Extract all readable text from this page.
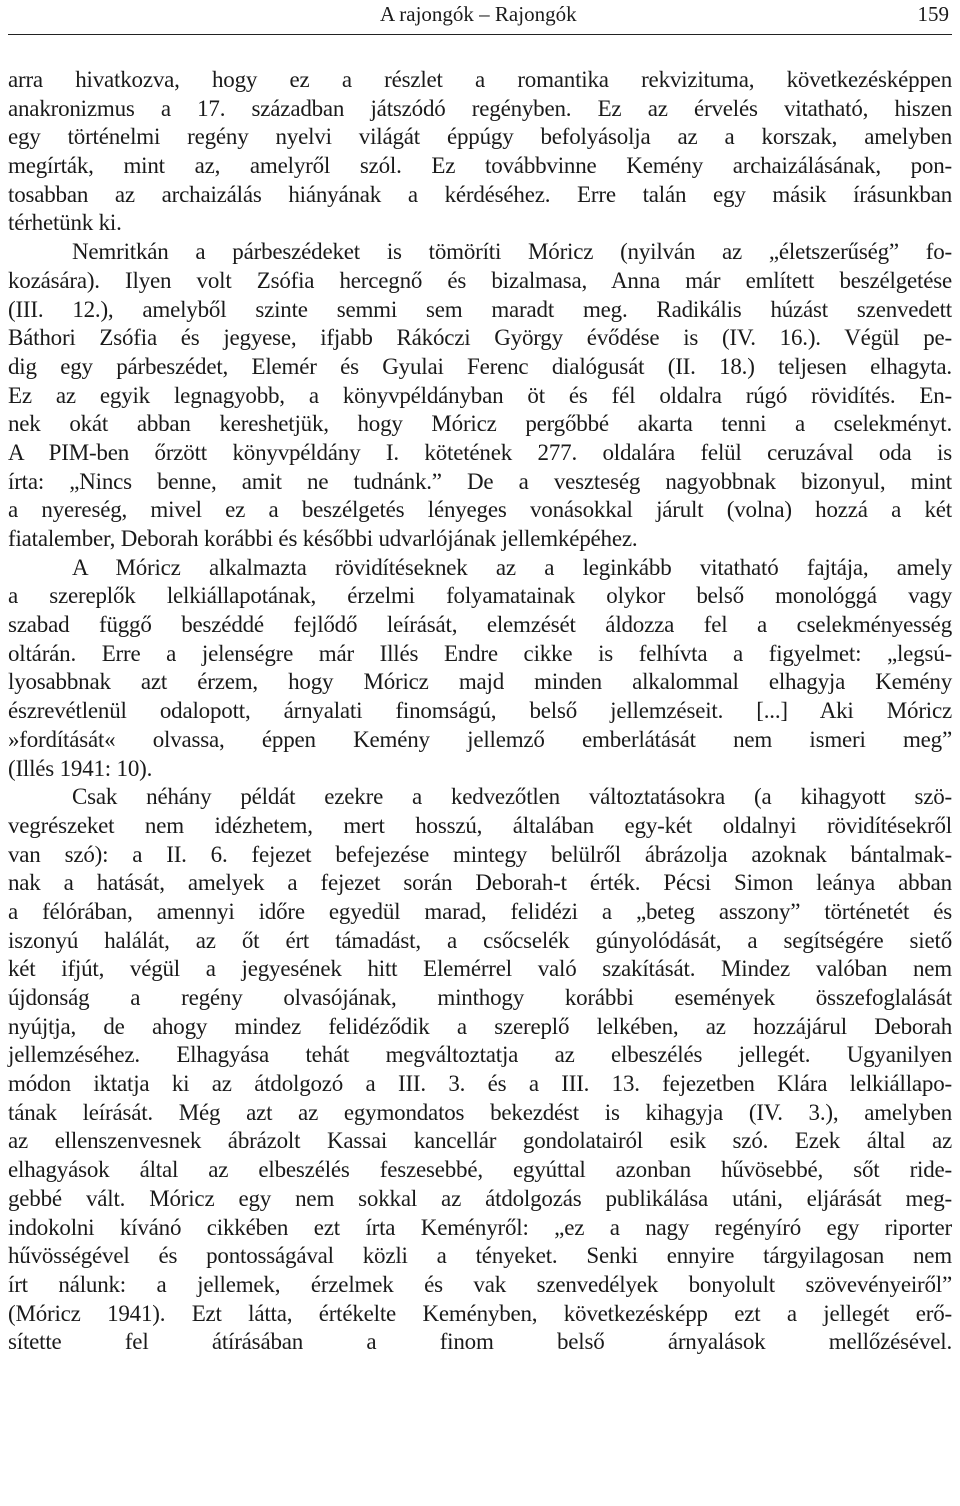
A rajongók – Rajongók	159
arra hivatkozva, hogy ez a részlet a romantika rekvizituma, következésképpen
anakronizmus a 17. században játszódó regényben. Ez az érvelés vitatható, hiszen
egy történelmi regény nyelvi világát éppúgy befolyásolja az a korszak, amelyben
megírták, mint az, amelyről szól. Ez továbbvinne Kemény archaizálásának, pon-
tosabban az archaizálás hiányának a kérdéséhez. Erre talán egy másik írásunkban
térhetünk ki.
Nemritkán a párbeszédeket is tömöríti Móricz (nyilván az „életszerűség” fo-
kozására). Ilyen volt Zsófia hercegnő és bizalmasa, Anna már említett beszélgetése
(III. 12.), amelyből szinte semmi sem maradt meg. Radikális húzást szenvedett
Báthori Zsófia és jegyese, ifjabb Rákóczi György évődése is (IV. 16.). Végül pe-
dig egy párbeszédet, Elemér és Gyulai Ferenc dialógusát (II. 18.) teljesen elhagyta.
Ez az egyik legnagyobb, a könyvpéldányban öt és fél oldalra rúgó rövidítés. En-
nek okát abban kereshetjük, hogy Móricz pergőbbé akarta tenni a cselekményt.
A PIM-ben őrzött könyvpéldány I. kötetének 277. oldalára felül ceruzával oda is
írta: „Nincs benne, amit ne tudnánk.” De a veszteség nagyobbnak bizonyul, mint
a nyereség, mivel ez a beszélgetés lényeges vonásokkal járult (volna) hozzá a két
fiatalember, Deborah korábbi és későbbi udvarlójának jellemképéhez.
A Móricz alkalmazta rövidítéseknek az a leginkább vitatható fajtája, amely
a szereplők lelkiállapotának, érzelmi folyamatainak olykor belső monológgá vagy
szabad függő beszéddé fejlődő leírását, elemzését áldozza fel a cselekményesség
oltárán. Erre a jelenségre már Illés Endre cikke is felhívta a figyelmet: „legsú-
lyosabbnak azt érzem, hogy Móricz majd minden alkalommal elhagyja Kemény
észrevétlenül odalopott, árnyalati finomságú, belső jellemzéseit. [...] Aki Móricz
»fordítását« olvassa, éppen Kemény jellemző emberlátását nem ismeri meg”
(Illés 1941: 10).
Csak néhány példát ezekre a kedvezőtlen változtatásokra (a kihagyott szö-
vegrészeket nem idézhetem, mert hosszú, általában egy-két oldalnyi rövidítésekről
van szó): a II. 6. fejezet befejezése mintegy belülről ábrázolja azoknak bántalmak-
nak a hatását, amelyek a fejezet során Deborah-t érték. Pécsi Simon leánya abban
a félórában, amennyi időre egyedül marad, felidézi a „beteg asszony” történetét és
iszonyú halálát, az őt ért támadást, a csőcselék gúnyolódását, a segítségére siető
két ifjút, végül a jegyesének hitt Elemérrel való szakítását. Mindez valóban nem
újdonság a regény olvasójának, minthogy korábbi események összefoglalását
nyújtja, de ahogy mindez felidéződik a szereplő lelkében, az hozzájárul Deborah
jellemzéséhez. Elhagyása tehát megváltoztatja az elbeszélés jellegét. Ugyanilyen
módon iktatja ki az átdolgozó a III. 3. és a III. 13. fejezetben Klára lelkiállapo-
tának leírását. Még azt az egymondatos bekezdést is kihagyja (IV. 3.), amelyben
az ellenszenvesnek ábrázolt Kassai kancellár gondolatairól esik szó. Ezek által az
elhagyások által az elbeszélés feszesebbé, egyúttal azonban hűvösebbé, sőt ride-
gebbé vált. Móricz egy nem sokkal az átdolgozás publikálása utáni, eljárását meg-
indokolni kívánó cikkében ezt írta Keményről: „ez a nagy regényíró egy riporter
hűvösségével és pontosságával közli a tényeket. Senki ennyire tárgyilagosan nem
írt nálunk: a jellemek, érzelmek és vak szenvedélyek bonyolult szövevényeiről”
(Móricz 1941). Ezt látta, értékelte Keményben, következésképp ezt a jellegét erő-
sítette fel átírásában a finom belső árnyalások mellőzésével.
